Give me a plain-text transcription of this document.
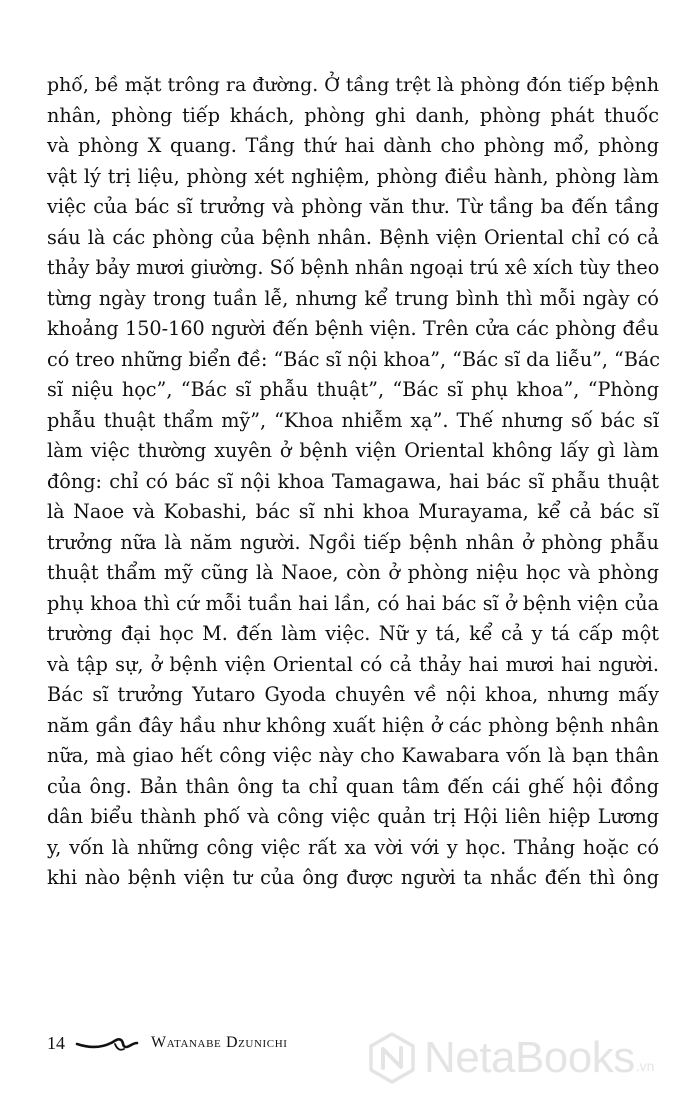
phố, bề mặt trông ra đường. Ở tầng trệt là phòng đón tiếp bệnh
nhân, phòng tiếp khách, phòng ghi danh, phòng phát thuốc
và phòng X quang. Tầng thứ hai dành cho phòng mổ, phòng
vật lý trị liệu, phòng xét nghiệm, phòng điều hành, phòng làm
việc của bác sĩ trưởng và phòng văn thư. Từ tầng ba đến tầng
sáu là các phòng của bệnh nhân. Bệnh viện Oriental chỉ có cả
thảy bảy mươi giường. Số bệnh nhân ngoại trú xê xích tùy theo
từng ngày trong tuần lễ, nhưng kể trung bình thì mỗi ngày có
khoảng 150-160 người đến bệnh viện. Trên cửa các phòng đều
có treo những biển đề: “Bác sĩ nội khoa”, “Bác sĩ da liễu”, “Bác
sĩ niệu học”, “Bác sĩ phẫu thuật”, “Bác sĩ phụ khoa”, “Phòng
phẫu thuật thẩm mỹ”, “Khoa nhiễm xạ”. Thế nhưng số bác sĩ
làm việc thường xuyên ở bệnh viện Oriental không lấy gì làm
đông: chỉ có bác sĩ nội khoa Tamagawa, hai bác sĩ phẫu thuật
là Naoe và Kobashi, bác sĩ nhi khoa Murayama, kể cả bác sĩ
trưởng nữa là năm người. Ngồi tiếp bệnh nhân ở phòng phẫu
thuật thẩm mỹ cũng là Naoe, còn ở phòng niệu học và phòng
phụ khoa thì cứ mỗi tuần hai lần, có hai bác sĩ ở bệnh viện của
trường đại học M. đến làm việc. Nữ y tá, kể cả y tá cấp một
và tập sự, ở bệnh viện Oriental có cả thảy hai mươi hai người.
Bác sĩ trưởng Yutaro Gyoda chuyên về nội khoa, nhưng mấy
năm gần đây hầu như không xuất hiện ở các phòng bệnh nhân
nữa, mà giao hết công việc này cho Kawabara vốn là bạn thân
của ông. Bản thân ông ta chỉ quan tâm đến cái ghế hội đồng
dân biểu thành phố và công việc quản trị Hội liên hiệp Lương
y, vốn là những công việc rất xa vời với y học. Thảng hoặc có
khi nào bệnh viện tư của ông được người ta nhắc đến thì ông
14	Watanabe Dzunichi	NetaBooks .vn
